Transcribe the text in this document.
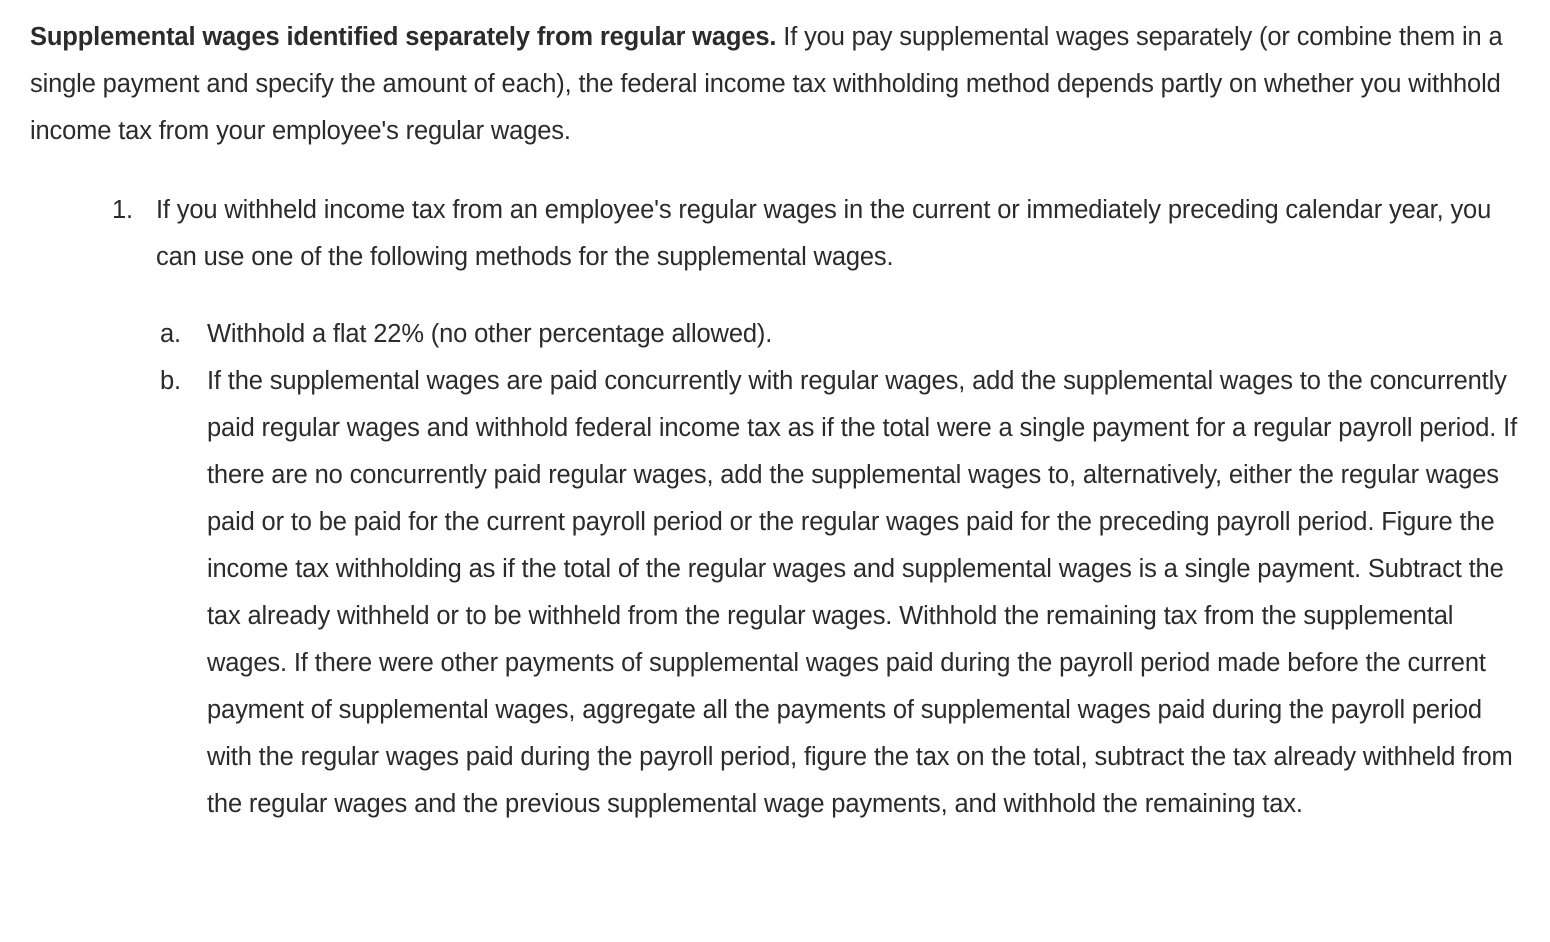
Supplemental wages identified separately from regular wages. If you pay supplemental wages separately (or combine them in a single payment and specify the amount of each), the federal income tax withholding method depends partly on whether you withhold income tax from your employee's regular wages.

1. If you withheld income tax from an employee's regular wages in the current or immediately preceding calendar year, you can use one of the following methods for the supplemental wages.
a.	Withhold a flat 22% (no other percentage allowed).
b.	If the supplemental wages are paid concurrently with regular wages, add the supplemental wages to the concurrently paid regular wages and withhold federal income tax as if the total were a single payment for a regular payroll period. If there are no concurrently paid regular wages, add the supplemental wages to, alternatively, either the regular wages paid or to be paid for the current payroll period or the regular wages paid for the preceding payroll period. Figure the income tax withholding as if the total of the regular wages and supplemental wages is a single payment. Subtract the tax already withheld or to be withheld from the regular wages. Withhold the remaining tax from the supplemental wages. If there were other payments of supplemental wages paid during the payroll period made before the current payment of supplemental wages, aggregate all the payments of supplemental wages paid during the payroll period with the regular wages paid during the payroll period, figure the tax on the total, subtract the tax already withheld from the regular wages and the previous supplemental wage payments, and withhold the remaining tax.
